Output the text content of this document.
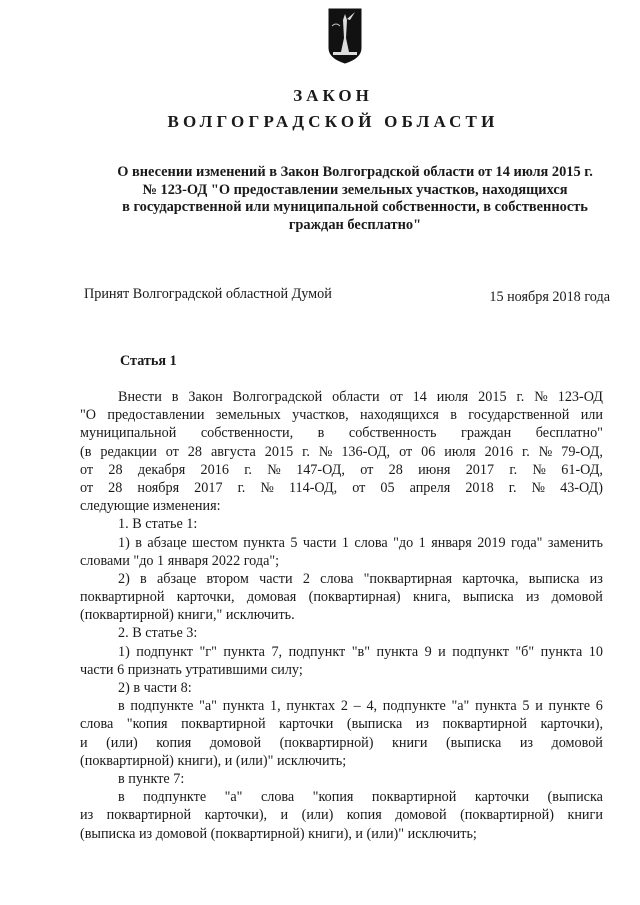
ЗАКОН
ВОЛГОГРАДСКОЙ ОБЛАСТИ
О внесении изменений в Закон Волгоградской области от 14 июля 2015 г.
№ 123-ОД "О предоставлении земельных участков, находящихся
в государственной или муниципальной собственности, в собственность
граждан бесплатно"
Принят Волгоградской областной Думой	15 ноября 2018 года
Статья 1
Внести в Закон Волгоградской области от 14 июля 2015 г. № 123-ОД
"О предоставлении земельных участков, находящихся в государственной или
муниципальной собственности, в собственность граждан бесплатно"
(в редакции от 28 августа 2015 г. № 136-ОД, от 06 июля 2016 г. № 79-ОД,
от 28 декабря 2016 г. № 147-ОД, от 28 июня 2017 г. № 61-ОД,
от 28 ноября 2017 г. № 114-ОД, от 05 апреля 2018 г. № 43-ОД)
следующие изменения:
1. В статье 1:
1) в абзаце шестом пункта 5 части 1 слова "до 1 января 2019 года" заменить
словами "до 1 января 2022 года";
2) в абзаце втором части 2 слова "поквартирная карточка, выписка из
поквартирной карточки, домовая (поквартирная) книга, выписка из домовой
(поквартирной) книги," исключить.
2. В статье 3:
1) подпункт "г" пункта 7, подпункт "в" пункта 9 и подпункт "б" пункта 10
части 6 признать утратившими силу;
2) в части 8:
в подпункте "а" пункта 1, пунктах 2 – 4, подпункте "а" пункта 5 и пункте 6
слова "копия поквартирной карточки (выписка из поквартирной карточки),
и (или) копия домовой (поквартирной) книги (выписка из домовой
(поквартирной) книги), и (или)" исключить;
в пункте 7:
в подпункте "а" слова "копия поквартирной карточки (выписка
из поквартирной карточки), и (или) копия домовой (поквартирной) книги
(выписка из домовой (поквартирной) книги), и (или)" исключить;
